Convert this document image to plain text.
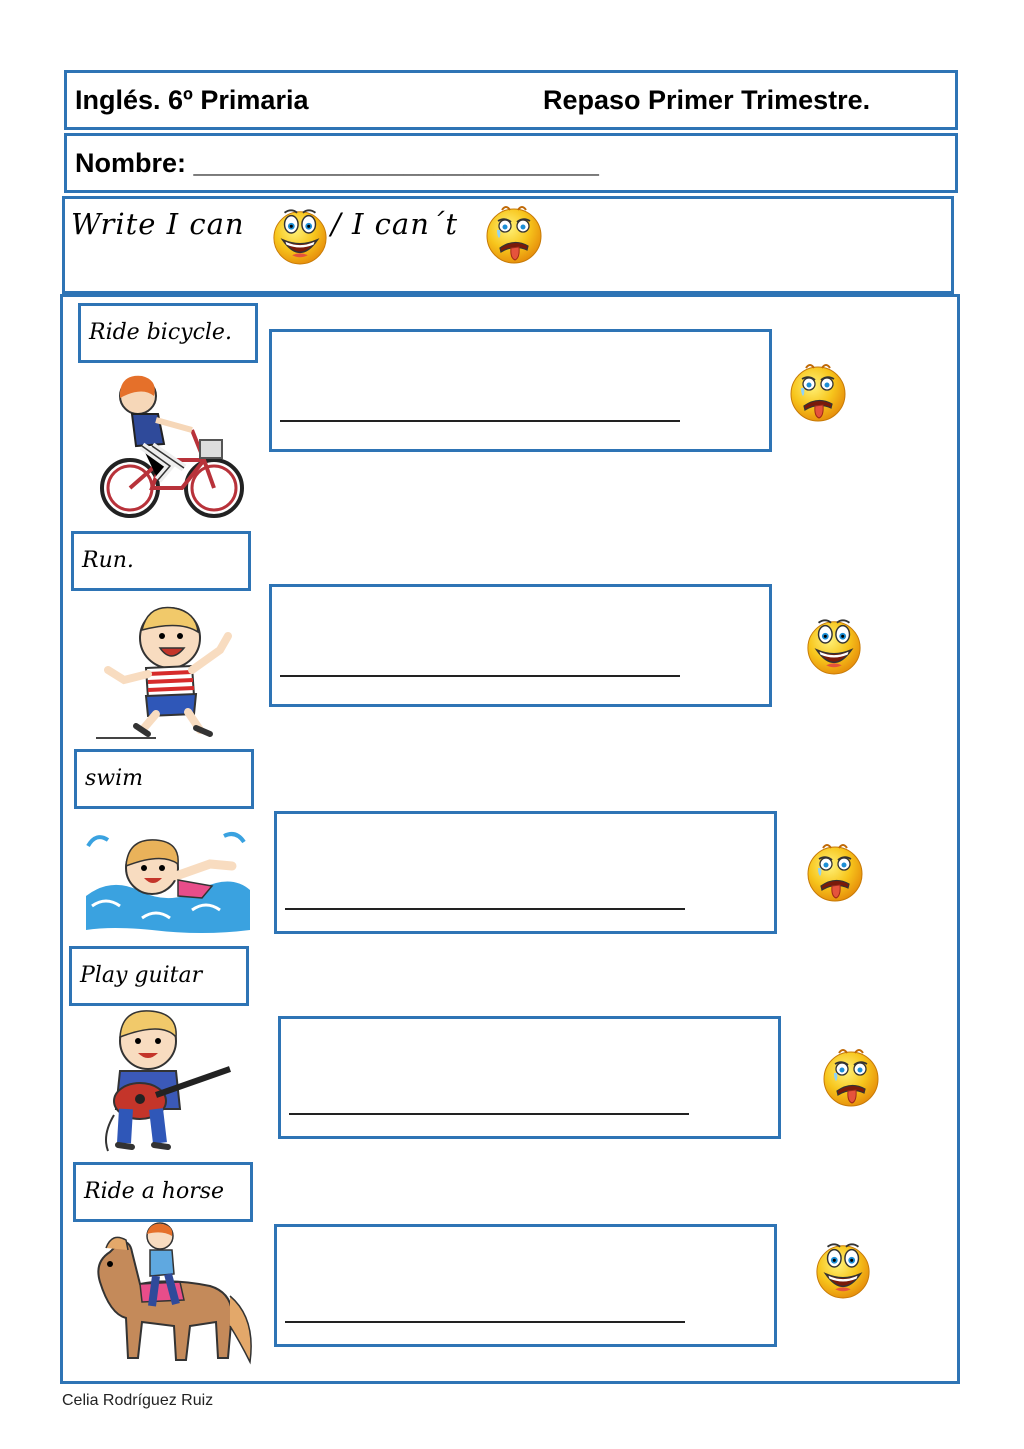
Inglés. 6º Primaria	Repaso Primer Trimestre.
Nombre: ___________________________
Write I can	/ I can´t
Ride bicycle.
Run.
swim
Play guitar
Ride a horse
Celia Rodríguez Ruiz
